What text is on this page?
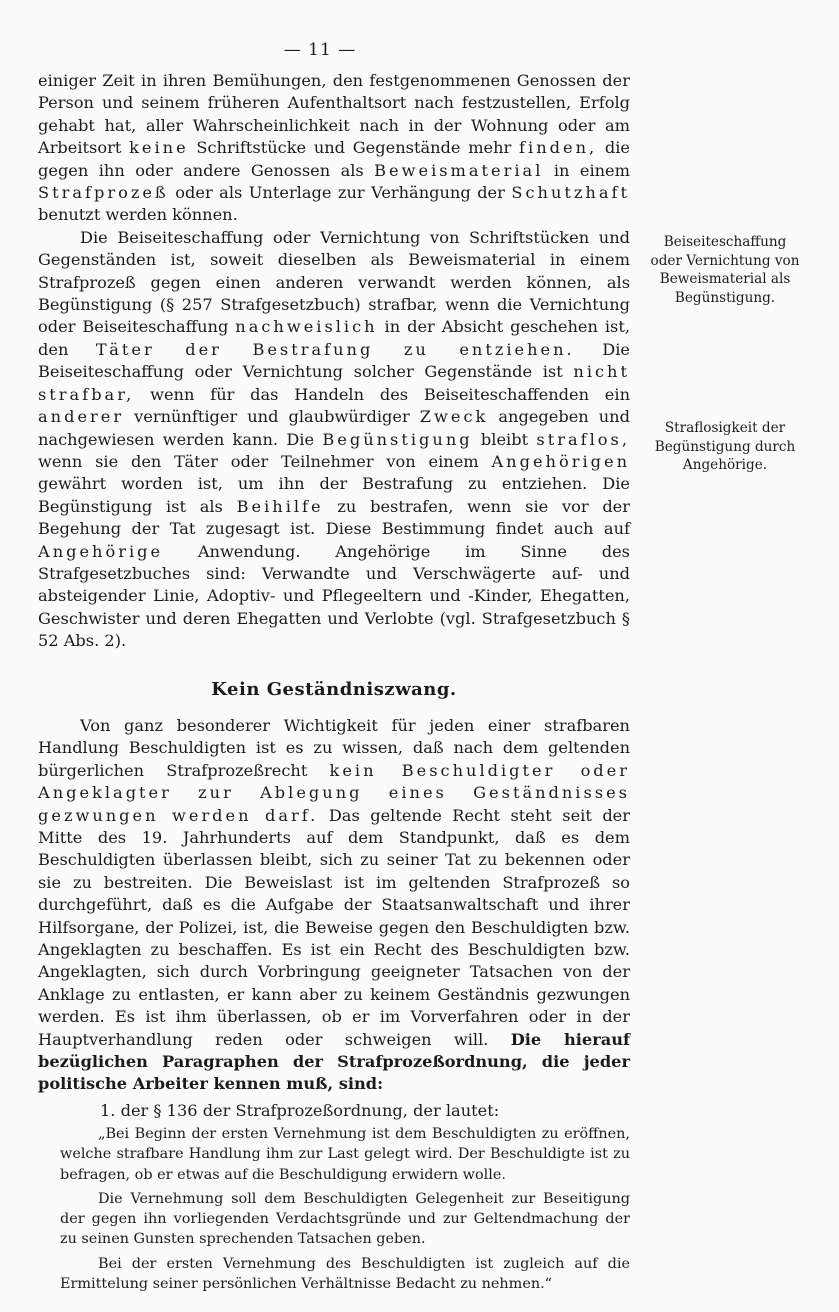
— 11 —

einiger Zeit in ihren Bemühungen, den festgenommenen Genossen der Person und seinem früheren Aufenthaltsort nach festzustellen, Erfolg gehabt hat, aller Wahrscheinlichkeit nach in der Wohnung oder am Arbeitsort keine Schriftstücke und Gegenstände mehr finden, die gegen ihn oder andere Genossen als Beweismaterial in einem Strafprozeß oder als Unterlage zur Verhängung der Schutzhaft benutzt werden können.

Die Beiseiteschaffung oder Vernichtung von Schriftstücken und Gegenständen ist, soweit dieselben als Beweismaterial in einem Strafprozeß gegen einen anderen verwandt werden können, als Begünstigung (§ 257 Strafgesetzbuch) strafbar, wenn die Vernichtung oder Beiseiteschaffung nachweislich in der Absicht geschehen ist, den Täter der Bestrafung zu entziehen. Die Beiseiteschaffung oder Vernichtung solcher Gegenstände ist nicht strafbar, wenn für das Handeln des Beiseiteschaffenden ein anderer vernünftiger und glaubwürdiger Zweck angegeben und nachgewiesen werden kann. Die Begünstigung bleibt straflos, wenn sie den Täter oder Teilnehmer von einem Angehörigen gewährt worden ist, um ihn der Bestrafung zu entziehen. Die Begünstigung ist als Beihilfe zu bestrafen, wenn sie vor der Begehung der Tat zugesagt ist. Diese Bestimmung findet auch auf Angehörige Anwendung. Angehörige im Sinne des Strafgesetzbuches sind: Verwandte und Verschwägerte auf- und absteigender Linie, Adoptiv- und Pflegeeltern und -Kinder, Ehegatten, Geschwister und deren Ehegatten und Verlobte (vgl. Strafgesetzbuch § 52 Abs. 2).

Kein Geständniszwang.

Von ganz besonderer Wichtigkeit für jeden einer strafbaren Handlung Beschuldigten ist es zu wissen, daß nach dem geltenden bürgerlichen Strafprozeßrecht kein Beschuldigter oder Angeklagter zur Ablegung eines Geständnisses gezwungen werden darf. Das geltende Recht steht seit der Mitte des 19. Jahrhunderts auf dem Standpunkt, daß es dem Beschuldigten überlassen bleibt, sich zu seiner Tat zu bekennen oder sie zu bestreiten. Die Beweislast ist im geltenden Strafprozeß so durchgeführt, daß es die Aufgabe der Staatsanwaltschaft und ihrer Hilfsorgane, der Polizei, ist, die Beweise gegen den Beschuldigten bzw. Angeklagten zu beschaffen. Es ist ein Recht des Beschuldigten bzw. Angeklagten, sich durch Vorbringung geeigneter Tatsachen von der Anklage zu entlasten, er kann aber zu keinem Geständnis gezwungen werden. Es ist ihm überlassen, ob er im Vorverfahren oder in der Hauptverhandlung reden oder schweigen will. Die hierauf bezüglichen Paragraphen der Strafprozeßordnung, die jeder politische Arbeiter kennen muß, sind:

1. der § 136 der Strafprozeßordnung, der lautet:

„Bei Beginn der ersten Vernehmung ist dem Beschuldigten zu eröffnen, welche strafbare Handlung ihm zur Last gelegt wird. Der Beschuldigte ist zu befragen, ob er etwas auf die Beschuldigung erwidern wolle.

Die Vernehmung soll dem Beschuldigten Gelegenheit zur Beseitigung der gegen ihn vorliegenden Verdachtsgründe und zur Geltendmachung der zu seinen Gunsten sprechenden Tatsachen geben.

Bei der ersten Vernehmung des Beschuldigten ist zugleich auf die Ermittelung seiner persönlichen Verhältnisse Bedacht zu nehmen.“

Beiseiteschaffung oder Vernichtung von Beweismaterial als Begünstigung.
Straflosigkeit der Begünstigung durch Angehörige.
